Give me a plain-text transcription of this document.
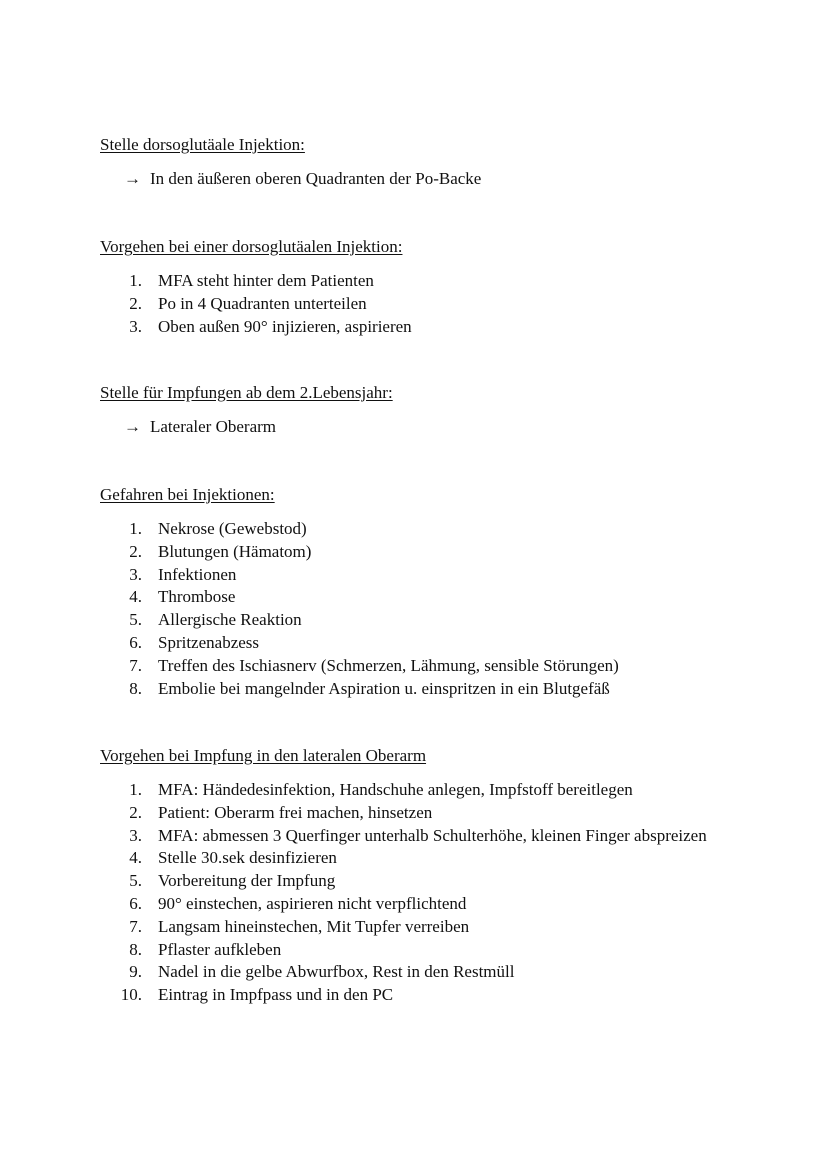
Stelle dorsoglutäale Injektion:
→ In den äußeren oberen Quadranten der Po-Backe
Vorgehen bei einer dorsoglutäalen Injektion:
1. MFA steht hinter dem Patienten
2. Po in 4 Quadranten unterteilen
3. Oben außen 90° injizieren, aspirieren
Stelle für Impfungen ab dem 2.Lebensjahr:
→ Lateraler Oberarm
Gefahren bei Injektionen:
1. Nekrose (Gewebstod)
2. Blutungen (Hämatom)
3. Infektionen
4. Thrombose
5. Allergische Reaktion
6. Spritzenabzess
7. Treffen des Ischiasnerv (Schmerzen, Lähmung, sensible Störungen)
8. Embolie bei mangelnder Aspiration u. einspritzen in ein Blutgefäß
Vorgehen bei Impfung in den lateralen Oberarm
1. MFA: Händedesinfektion, Handschuhe anlegen, Impfstoff bereitlegen
2. Patient: Oberarm frei machen, hinsetzen
3. MFA: abmessen 3 Querfinger unterhalb Schulterhöhe, kleinen Finger abspreizen
4. Stelle 30.sek desinfizieren
5. Vorbereitung der Impfung
6. 90° einstechen, aspirieren nicht verpflichtend
7. Langsam hineinstechen, Mit Tupfer verreiben
8. Pflaster aufkleben
9. Nadel in die gelbe Abwurfbox, Rest in den Restmüll
10. Eintrag in Impfpass und in den PC
